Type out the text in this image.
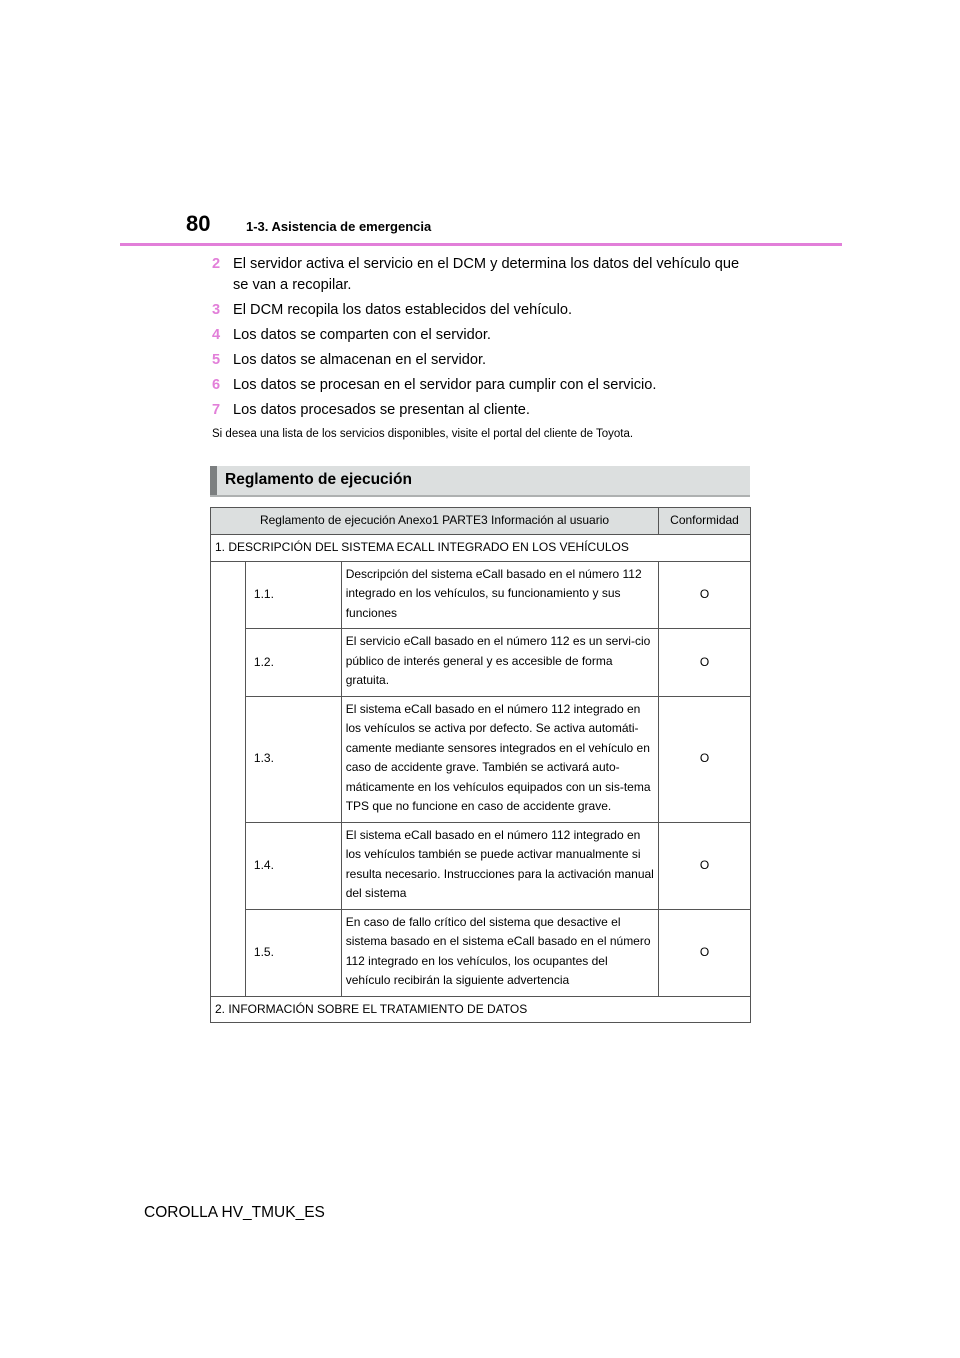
80	1-3. Asistencia de emergencia
2 El servidor activa el servicio en el DCM y determina los datos del vehículo que se van a recopilar.
3 El DCM recopila los datos establecidos del vehículo.
4 Los datos se comparten con el servidor.
5 Los datos se almacenan en el servidor.
6 Los datos se procesan en el servidor para cumplir con el servicio.
7 Los datos procesados se presentan al cliente.
Si desea una lista de los servicios disponibles, visite el portal del cliente de Toyota.
Reglamento de ejecución
Reglamento de ejecución Anexo1 PARTE3 Información al usuario			Conformidad
1. DESCRIPCIÓN DEL SISTEMA ECALL INTEGRADO EN LOS VEHÍCULOS			
	1.1.	Descripción del sistema eCall basado en el número 112 integrado en los vehículos, su funcionamiento y sus funciones	O
	1.2.	El servicio eCall basado en el número 112 es un servi-cio público de interés general y es accesible de forma gratuita.	O
	1.3.	El sistema eCall basado en el número 112 integrado en los vehículos se activa por defecto. Se activa automáti-camente mediante sensores integrados en el vehículo en caso de accidente grave. También se activará auto-máticamente en los vehículos equipados con un sis-tema TPS que no funcione en caso de accidente grave.	O
	1.4.	El sistema eCall basado en el número 112 integrado en los vehículos también se puede activar manualmente si resulta necesario. Instrucciones para la activación manual del sistema	O
	1.5.	En caso de fallo crítico del sistema que desactive el sistema basado en el sistema eCall basado en el número 112 integrado en los vehículos, los ocupantes del vehículo recibirán la siguiente advertencia	O
2. INFORMACIÓN SOBRE EL TRATAMIENTO DE DATOS			
COROLLA HV_TMUK_ES
